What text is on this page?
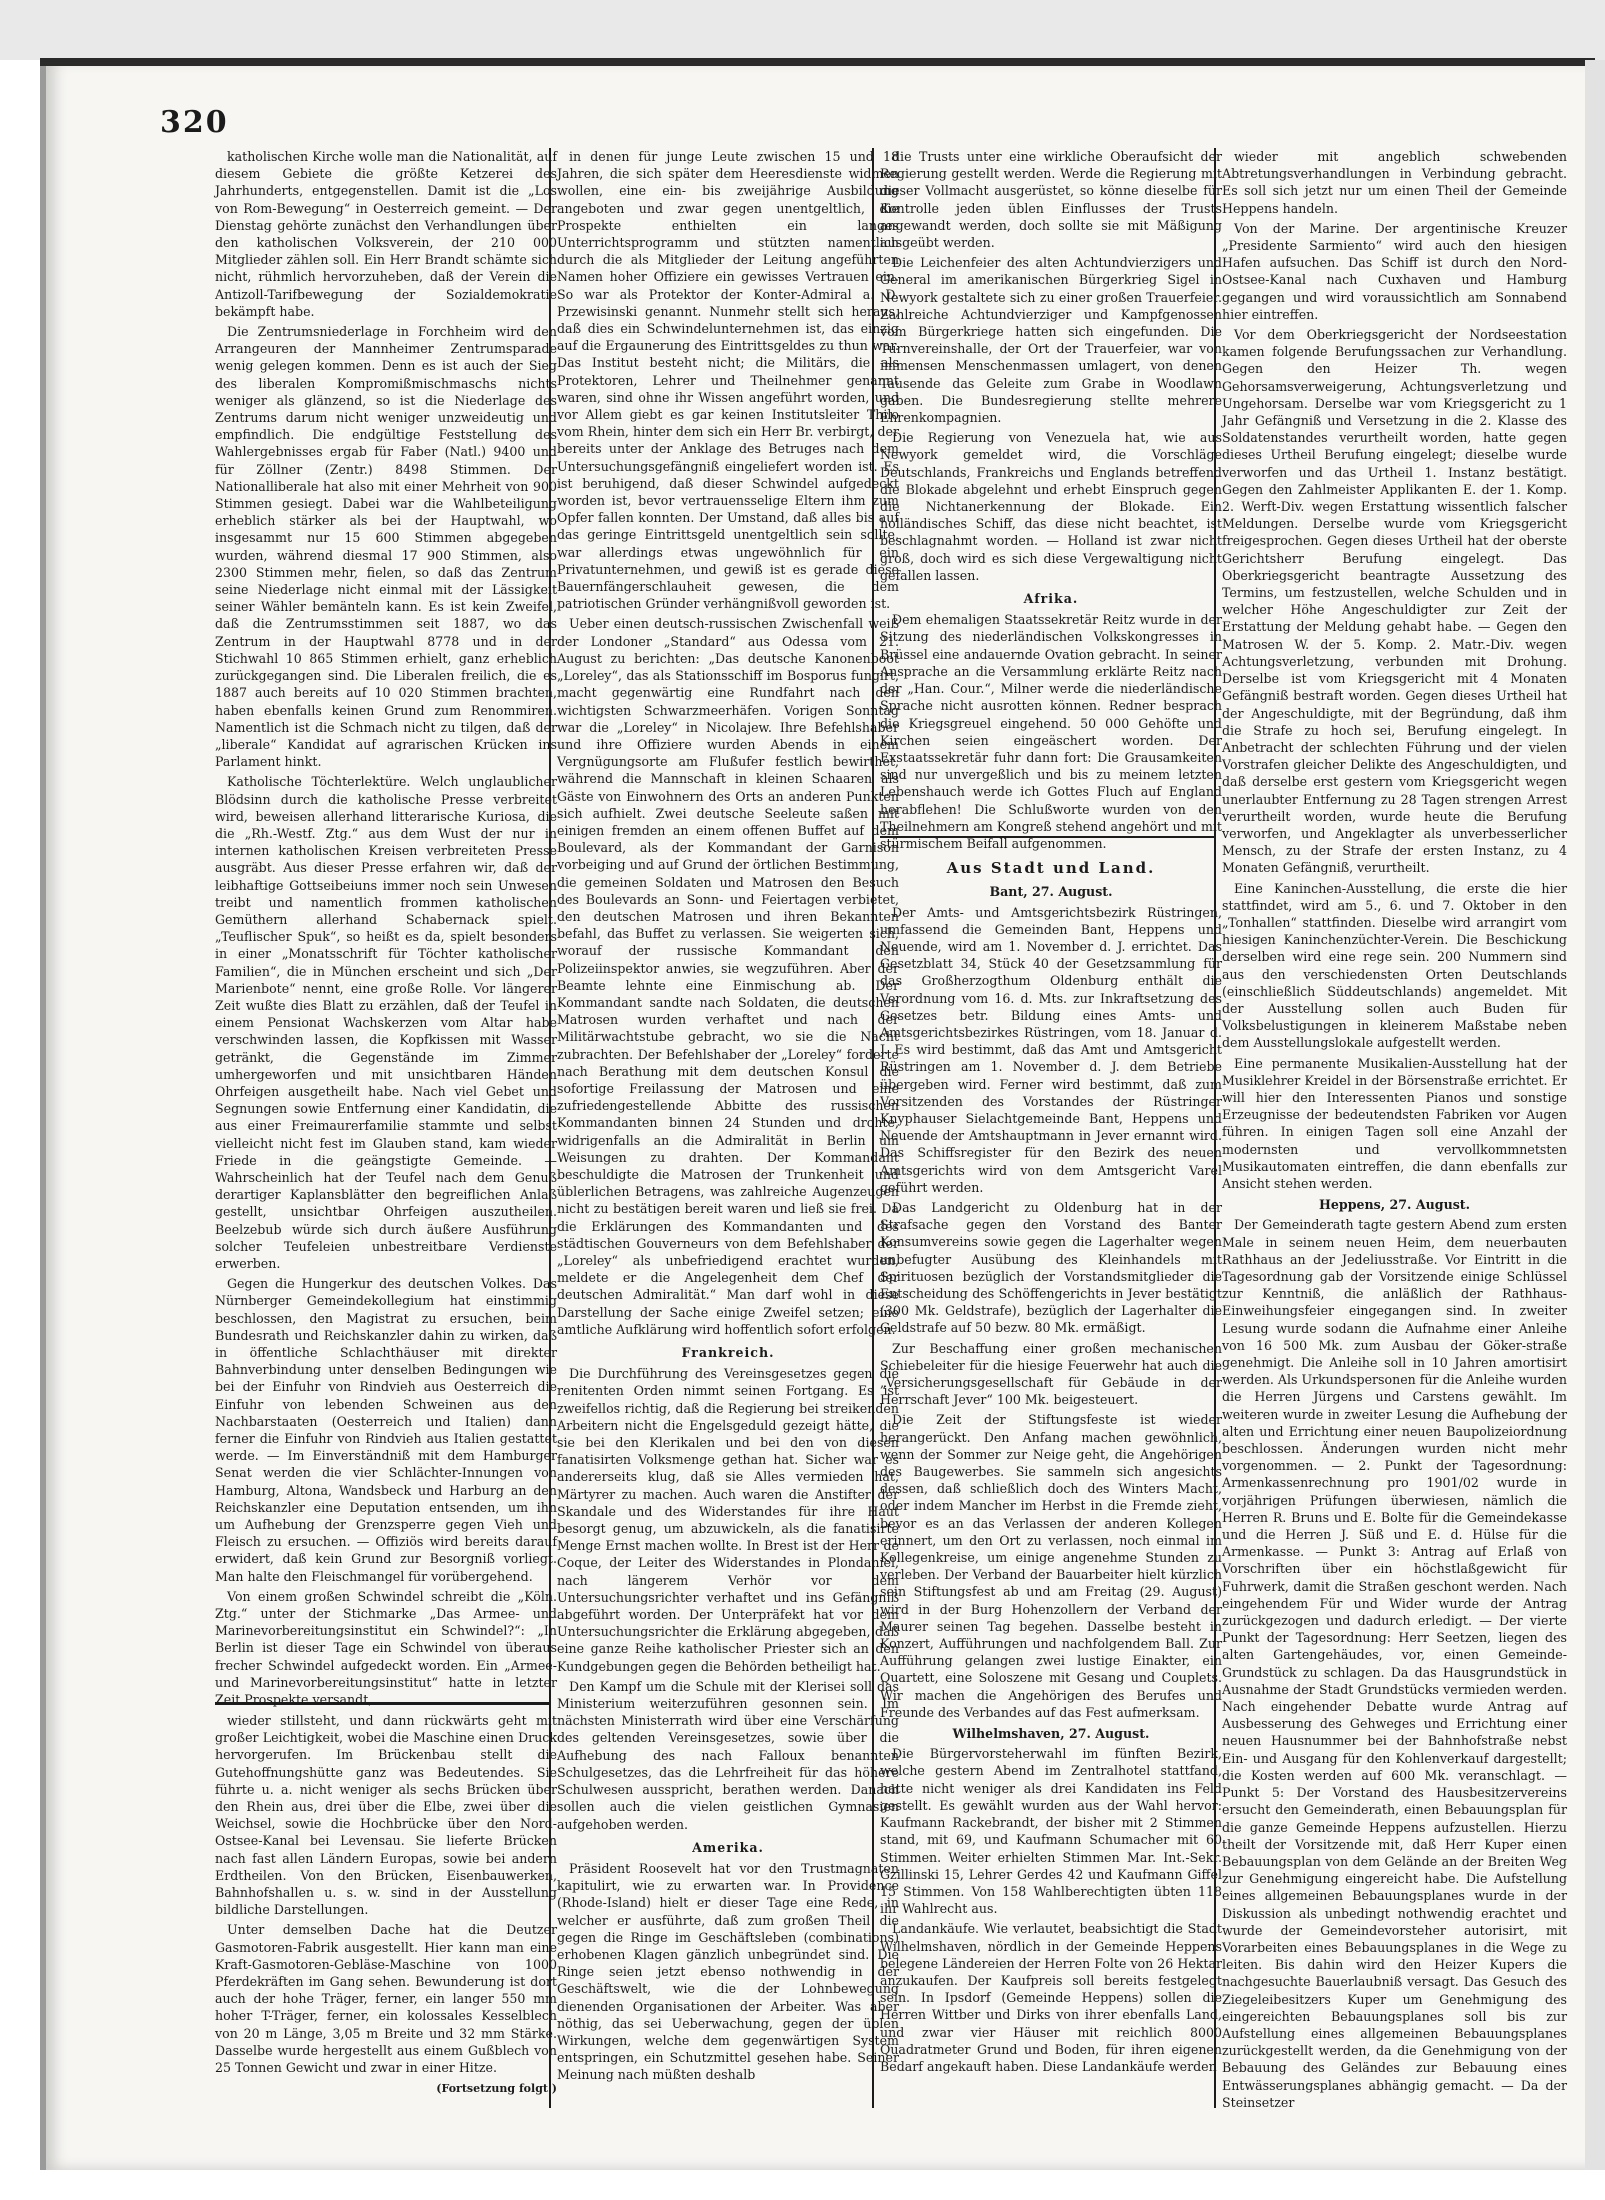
320

katholischen Kirche wolle man die Nationalität, auf diesem Gebiete die größte Ketzerei des Jahrhunderts, entgegenstellen. Damit ist die „Los von Rom-Bewegung“ in Oesterreich gemeint. — Der Dienstag gehörte zunächst den Verhandlungen über den katholischen Volksverein, der 210 000 Mitglieder zählen soll. Ein Herr Brandt schämte sich nicht, rühmlich hervorzuheben, daß der Verein die Antizoll-Tarifbewegung der Sozialdemokratie bekämpft habe.

Die Zentrumsniederlage in Forchheim wird den Arrangeuren der Mannheimer Zentrumsparade wenig gelegen kommen. Denn es ist auch der Sieg des liberalen Kompromißmischmaschs nichts weniger als glänzend, so ist die Niederlage des Zentrums darum nicht weniger unzweideutig und empfindlich. Die endgültige Feststellung des Wahlergebnisses ergab für Faber (Natl.) 9400 und für Zöllner (Zentr.) 8498 Stimmen. Der Nationalliberale hat also mit einer Mehrheit von 900 Stimmen gesiegt. Dabei war die Wahlbeteiligung erheblich stärker als bei der Hauptwahl, wo insgesammt nur 15 600 Stimmen abgegeben wurden, während diesmal 17 900 Stimmen, also 2300 Stimmen mehr, fielen, so daß das Zentrum seine Niederlage nicht einmal mit der Lässigkeit seiner Wähler bemänteln kann. Es ist kein Zweifel, daß die Zentrumsstimmen seit 1887, wo das Zentrum in der Hauptwahl 8778 und in der Stichwahl 10 865 Stimmen erhielt, ganz erheblich zurückgegangen sind. Die Liberalen freilich, die es 1887 auch bereits auf 10 020 Stimmen brachten, haben ebenfalls keinen Grund zum Renommiren. Namentlich ist die Schmach nicht zu tilgen, daß der „liberale“ Kandidat auf agrarischen Krücken ins Parlament hinkt.

Katholische Töchterlektüre. Welch unglaublicher Blödsinn durch die katholische Presse verbreitet wird, beweisen allerhand litterarische Kuriosa, die die „Rh.-Westf. Ztg.“ aus dem Wust der nur in internen katholischen Kreisen verbreiteten Presse ausgräbt. Aus dieser Presse erfahren wir, daß der leibhaftige Gottseibeiuns immer noch sein Unwesen treibt und namentlich frommen katholischen Gemüthern allerhand Schabernack spielt. „Teuflischer Spuk“, so heißt es da, spielt besonders in einer „Monatsschrift für Töchter katholischer Familien“, die in München erscheint und sich „Der Marienbote“ nennt, eine große Rolle. Vor längerer Zeit wußte dies Blatt zu erzählen, daß der Teufel in einem Pensionat Wachskerzen vom Altar habe verschwinden lassen, die Kopfkissen mit Wasser getränkt, die Gegenstände im Zimmer umhergeworfen und mit unsichtbaren Händen Ohrfeigen ausgetheilt habe. Nach viel Gebet und Segnungen sowie Entfernung einer Kandidatin, die aus einer Freimaurerfamilie stammte und selbst vielleicht nicht fest im Glauben stand, kam wieder Friede in die geängstigte Gemeinde. — Wahrscheinlich hat der Teufel nach dem Genuß derartiger Kaplansblätter den begreiflichen Anlaß gestellt, unsichtbar Ohrfeigen auszutheilen. Beelzebub würde sich durch äußere Ausführung solcher Teufeleien unbestreitbare Verdienste erwerben.

Gegen die Hungerkur des deutschen Volkes. Das Nürnberger Gemeindekollegium hat einstimmig beschlossen, den Magistrat zu ersuchen, beim Bundesrath und Reichskanzler dahin zu wirken, daß in öffentliche Schlachthäuser mit direkter Bahnverbindung unter denselben Bedingungen wie bei der Einfuhr von Rindvieh aus Oesterreich die Einfuhr von lebenden Schweinen aus den Nachbarstaaten (Oesterreich und Italien) dann ferner die Einfuhr von Rindvieh aus Italien gestattet werde. — Im Einverständniß mit dem Hamburger Senat werden die vier Schlächter-Innungen von Hamburg, Altona, Wandsbeck und Harburg an den Reichskanzler eine Deputation entsenden, um ihn um Aufhebung der Grenzsperre gegen Vieh und Fleisch zu ersuchen. — Offiziös wird bereits darauf erwidert, daß kein Grund zur Besorgniß vorliegt. Man halte den Fleischmangel für vorübergehend.

Von einem großen Schwindel schreibt die „Köln. Ztg.“ unter der Stichmarke „Das Armee- und Marinevorbereitungsinstitut ein Schwindel?“: „In Berlin ist dieser Tage ein Schwindel von überaus frecher Schwindel aufgedeckt worden. Ein „Armee- und Marinevorbereitungsinstitut“ hatte in letzter Zeit Prospekte versandt,

wieder stillsteht, und dann rückwärts geht mit großer Leichtigkeit, wobei die Maschine einen Druck hervorgerufen. Im Brückenbau stellt die Gutehoffnungshütte ganz was Bedeutendes. Sie führte u. a. nicht weniger als sechs Brücken über den Rhein aus, drei über die Elbe, zwei über die Weichsel, sowie die Hochbrücke über den Nord-Ostsee-Kanal bei Levensau. Sie lieferte Brücken nach fast allen Ländern Europas, sowie bei andern Erdtheilen. Von den Brücken, Eisenbauwerken, Bahnhofshallen u. s. w. sind in der Ausstellung bildliche Darstellungen.

Unter demselben Dache hat die Deutzer Gasmotoren-Fabrik ausgestellt. Hier kann man eine Kraft-Gasmotoren-Gebläse-Maschine von 1000 Pferdekräften im Gang sehen. Bewunderung ist dort auch der hohe Träger, ferner, ein langer 550 mm hoher T-Träger, ferner, ein kolossales Kesselblech von 20 m Länge, 3,05 m Breite und 32 mm Stärke. Dasselbe wurde hergestellt aus einem Gußblech von 25 Tonnen Gewicht und zwar in einer Hitze.

(Fortsetzung folgt.)

in denen für junge Leute zwischen 15 und 18 Jahren, die sich später dem Heeresdienste widmen wollen, eine ein- bis zweijährige Ausbildung angeboten und zwar gegen unentgeltlich, die Prospekte enthielten ein langes Unterrichtsprogramm und stützten namentlich durch die als Mitglieder der Leitung angeführten Namen hoher Offiziere ein gewisses Vertrauen ein. So war als Protektor der Konter-Admiral a. D. Przewisinski genannt. Nunmehr stellt sich heraus, daß dies ein Schwindelunternehmen ist, das einzig auf die Ergaunerung des Eintrittsgeldes zu thun war. Das Institut besteht nicht; die Militärs, die als Protektoren, Lehrer und Theilnehmer genannt waren, sind ohne ihr Wissen angeführt worden, und vor Allem giebt es gar keinen Institutsleiter Thilo vom Rhein, hinter dem sich ein Herr Br. verbirgt, der bereits unter der Anklage des Betruges nach dem Untersuchungsgefängniß eingeliefert worden ist. Es ist beruhigend, daß dieser Schwindel aufgedeckt worden ist, bevor vertrauensselige Eltern ihm zum Opfer fallen konnten. Der Umstand, daß alles bis auf das geringe Eintrittsgeld unentgeltlich sein sollte, war allerdings etwas ungewöhnlich für ein Privatunternehmen, und gewiß ist es gerade diese Bauernfängerschlauheit gewesen, die dem patriotischen Gründer verhängnißvoll geworden ist.

Ueber einen deutsch-russischen Zwischenfall weiß der Londoner „Standard“ aus Odessa vom 21. August zu berichten: „Das deutsche Kanonenboot „Loreley“, das als Stationsschiff im Bosporus fungirt, macht gegenwärtig eine Rundfahrt nach den wichtigsten Schwarzmeerhäfen. Vorigen Sonntag war die „Loreley“ in Nicolajew. Ihre Befehlshaber und ihre Offiziere wurden Abends in einem Vergnügungsorte am Flußufer festlich bewirthet, während die Mannschaft in kleinen Schaaren als Gäste von Einwohnern des Orts an anderen Punkten sich aufhielt. Zwei deutsche Seeleute saßen mit einigen fremden an einem offenen Buffet auf dem Boulevard, als der Kommandant der Garnison vorbeiging und auf Grund der örtlichen Bestimmung, die gemeinen Soldaten und Matrosen den Besuch des Boulevards an Sonn- und Feiertagen verbietet, den deutschen Matrosen und ihren Bekannten befahl, das Buffet zu verlassen. Sie weigerten sich, worauf der russische Kommandant den Polizeiinspektor anwies, sie wegzuführen. Aber der Beamte lehnte eine Einmischung ab. Der Kommandant sandte nach Soldaten, die deutschen Matrosen wurden verhaftet und nach der Militärwachtstube gebracht, wo sie die Nacht zubrachten. Der Befehlshaber der „Loreley“ forderte nach Berathung mit dem deutschen Konsul die sofortige Freilassung der Matrosen und eine zufriedengestellende Abbitte des russischen Kommandanten binnen 24 Stunden und drohte, widrigenfalls an die Admiralität in Berlin um Weisungen zu drahten. Der Kommandant beschuldigte die Matrosen der Trunkenheit und üblerlichen Betragens, was zahlreiche Augenzeugen nicht zu bestätigen bereit waren und ließ sie frei. Da die Erklärungen des Kommandanten und des städtischen Gouverneurs von dem Befehlshaber der „Loreley“ als unbefriedigend erachtet wurden, meldete er die Angelegenheit dem Chef der deutschen Admiralität.“ Man darf wohl in diese Darstellung der Sache einige Zweifel setzen; eine amtliche Aufklärung wird hoffentlich sofort erfolgen.

Frankreich.

Die Durchführung des Vereinsgesetzes gegen die renitenten Orden nimmt seinen Fortgang. Es ist zweifellos richtig, daß die Regierung bei streikenden Arbeitern nicht die Engelsgeduld gezeigt hätte, die sie bei den Klerikalen und bei den von diesen fanatisirten Volksmenge gethan hat. Sicher war es andererseits klug, daß sie Alles vermieden hat, Märtyrer zu machen. Auch waren die Anstifter der Skandale und des Widerstandes für ihre Haut besorgt genug, um abzuwickeln, als die fanatisirte Menge Ernst machen wollte. In Brest ist der Herr de Coque, der Leiter des Widerstandes in Plondaniel, nach längerem Verhör vor dem Untersuchungsrichter verhaftet und ins Gefängniß abgeführt worden. Der Unterpräfekt hat vor dem Untersuchungsrichter die Erklärung abgegeben, daß eine ganze Reihe katholischer Priester sich an den Kundgebungen gegen die Behörden betheiligt hat.

Den Kampf um die Schule mit der Klerisei soll das Ministerium weiterzuführen gesonnen sein. Im nächsten Ministerrath wird über eine Verschärfung des geltenden Vereinsgesetzes, sowie über die Aufhebung des nach Falloux benannten Schulgesetzes, das die Lehrfreiheit für das höhere Schulwesen ausspricht, berathen werden. Danach sollen auch die vielen geistlichen Gymnasien aufgehoben werden.

Amerika.

Präsident Roosevelt hat vor den Trustmagnaten kapitulirt, wie zu erwarten war. In Providence (Rhode-Island) hielt er dieser Tage eine Rede, in welcher er ausführte, daß zum großen Theil die gegen die Ringe im Geschäftsleben (combinations) erhobenen Klagen gänzlich unbegründet sind. Die Ringe seien jetzt ebenso nothwendig in der Geschäftswelt, wie die der Lohnbewegung dienenden Organisationen der Arbeiter. Was aber nöthig, das sei Ueberwachung, gegen der üblen Wirkungen, welche dem gegenwärtigen System entspringen, ein Schutzmittel gesehen habe. Seiner Meinung nach müßten deshalb

die Trusts unter eine wirkliche Oberaufsicht der Regierung gestellt werden. Werde die Regierung mit dieser Vollmacht ausgerüstet, so könne dieselbe für Kontrolle jeden üblen Einflusses der Trusts angewandt werden, doch sollte sie mit Mäßigung ausgeübt werden.

Die Leichenfeier des alten Achtundvierzigers und General im amerikanischen Bürgerkrieg Sigel in Newyork gestaltete sich zu einer großen Trauerfeier. Zahlreiche Achtundvierziger und Kampfgenossen vom Bürgerkriege hatten sich eingefunden. Die Turnvereinshalle, der Ort der Trauerfeier, war von immensen Menschenmassen umlagert, von denen Tausende das Geleite zum Grabe in Woodlawn gaben. Die Bundesregierung stellte mehrere Ehrenkompagnien.

Die Regierung von Venezuela hat, wie aus Newyork gemeldet wird, die Vorschläge Deutschlands, Frankreichs und Englands betreffend die Blokade abgelehnt und erhebt Einspruch gegen die Nichtanerkennung der Blokade. Ein holländisches Schiff, das diese nicht beachtet, ist beschlagnahmt worden. — Holland ist zwar nicht groß, doch wird es sich diese Vergewaltigung nicht gefallen lassen.

Afrika.

Dem ehemaligen Staatssekretär Reitz wurde in der Sitzung des niederländischen Volkskongresses in Brüssel eine andauernde Ovation gebracht. In seiner Ansprache an die Versammlung erklärte Reitz nach der „Han. Cour.“, Milner werde die niederländische Sprache nicht ausrotten können. Redner besprach die Kriegsgreuel eingehend. 50 000 Gehöfte und Kirchen seien eingeäschert worden. Der Exstaatssekretär fuhr dann fort: Die Grausamkeiten sind nur unvergeßlich und bis zu meinem letzten Lebenshauch werde ich Gottes Fluch auf England herabflehen! Die Schlußworte wurden von den Theilnehmern am Kongreß stehend angehört und mit stürmischem Beifall aufgenommen.

Aus Stadt und Land.

Bant, 27. August.

Der Amts- und Amtsgerichtsbezirk Rüstringen, umfassend die Gemeinden Bant, Heppens und Neuende, wird am 1. November d. J. errichtet. Das Gesetzblatt 34, Stück 40 der Gesetzsammlung für das Großherzogthum Oldenburg enthält die Verordnung vom 16. d. Mts. zur Inkraftsetzung des Gesetzes betr. Bildung eines Amts- und Amtsgerichtsbezirkes Rüstringen, vom 18. Januar d. J. Es wird bestimmt, daß das Amt und Amtsgericht Rüstringen am 1. November d. J. dem Betriebe übergeben wird. Ferner wird bestimmt, daß zum Vorsitzenden des Vorstandes der Rüstringer Knyphauser Sielachtgemeinde Bant, Heppens und Neuende der Amtshauptmann in Jever ernannt wird. Das Schiffsregister für den Bezirk des neuen Amtsgerichts wird von dem Amtsgericht Varel geführt werden.

Das Landgericht zu Oldenburg hat in der Strafsache gegen den Vorstand des Banter Konsumvereins sowie gegen die Lagerhalter wegen unbefugter Ausübung des Kleinhandels mit Spirituosen bezüglich der Vorstandsmitglieder die Entscheidung des Schöffengerichts in Jever bestätigt (300 Mk. Geldstrafe), bezüglich der Lagerhalter die Geldstrafe auf 50 bezw. 80 Mk. ermäßigt.

Zur Beschaffung einer großen mechanischen Schiebeleiter für die hiesige Feuerwehr hat auch die „Versicherungsgesellschaft für Gebäude in der Herrschaft Jever“ 100 Mk. beigesteuert.

Die Zeit der Stiftungsfeste ist wieder herangerückt. Den Anfang machen gewöhnlich, wenn der Sommer zur Neige geht, die Angehörigen des Baugewerbes. Sie sammeln sich angesichts dessen, daß schließlich doch des Winters Macht, oder indem Mancher im Herbst in die Fremde zieht, bevor es an das Verlassen der anderen Kollegen erinnert, um den Ort zu verlassen, noch einmal im Kollegenkreise, um einige angenehme Stunden zu verleben. Der Verband der Bauarbeiter hielt kürzlich sein Stiftungsfest ab und am Freitag (29. August) wird in der Burg Hohenzollern der Verband der Maurer seinen Tag begehen. Dasselbe besteht in Konzert, Aufführungen und nachfolgendem Ball. Zur Aufführung gelangen zwei lustige Einakter, ein Quartett, eine Soloszene mit Gesang und Couplets. Wir machen die Angehörigen des Berufes und Freunde des Verbandes auf das Fest aufmerksam.

Wilhelmshaven, 27. August.

Die Bürgervorsteherwahl im fünften Bezirk, welche gestern Abend im Zentralhotel stattfand, hatte nicht weniger als drei Kandidaten ins Feld gestellt. Es gewählt wurden aus der Wahl hervor: Kaufmann Rackebrandt, der bisher mit 2 Stimmen stand, mit 69, und Kaufmann Schumacher mit 60 Stimmen. Weiter erhielten Stimmen Mar. Int.-Sekr. Gzillinski 15, Lehrer Gerdes 42 und Kaufmann Giffel 15 Stimmen. Von 158 Wahlberechtigten übten 118 ihr Wahlrecht aus.

Landankäufe. Wie verlautet, beabsichtigt die Stadt Wilhelmshaven, nördlich in der Gemeinde Heppens belegene Ländereien der Herren Folte von 26 Hektar anzukaufen. Der Kaufpreis soll bereits festgelegt sein. In Ipsdorf (Gemeinde Heppens) sollen die Herren Wittber und Dirks von ihrer ebenfalls Land, und zwar vier Häuser mit reichlich 8000 Quadratmeter Grund und Boden, für ihren eigenen Bedarf angekauft haben. Diese Landankäufe werden

wieder mit angeblich schwebenden Abtretungsverhandlungen in Verbindung gebracht. Es soll sich jetzt nur um einen Theil der Gemeinde Heppens handeln.

Von der Marine. Der argentinische Kreuzer „Presidente Sarmiento“ wird auch den hiesigen Hafen aufsuchen. Das Schiff ist durch den Nord-Ostsee-Kanal nach Cuxhaven und Hamburg gegangen und wird voraussichtlich am Sonnabend hier eintreffen.

Vor dem Oberkriegsgericht der Nordseestation kamen folgende Berufungssachen zur Verhandlung. Gegen den Heizer Th. wegen Gehorsamsverweigerung, Achtungsverletzung und Ungehorsam. Derselbe war vom Kriegsgericht zu 1 Jahr Gefängniß und Versetzung in die 2. Klasse des Soldatenstandes verurtheilt worden, hatte gegen dieses Urtheil Berufung eingelegt; dieselbe wurde verworfen und das Urtheil 1. Instanz bestätigt. Gegen den Zahlmeister Applikanten E. der 1. Komp. 2. Werft-Div. wegen Erstattung wissentlich falscher Meldungen. Derselbe wurde vom Kriegsgericht freigesprochen. Gegen dieses Urtheil hat der oberste Gerichtsherr Berufung eingelegt. Das Oberkriegsgericht beantragte Aussetzung des Termins, um festzustellen, welche Schulden und in welcher Höhe Angeschuldigter zur Zeit der Erstattung der Meldung gehabt habe. — Gegen den Matrosen W. der 5. Komp. 2. Matr.-Div. wegen Achtungsverletzung, verbunden mit Drohung. Derselbe ist vom Kriegsgericht mit 4 Monaten Gefängniß bestraft worden. Gegen dieses Urtheil hat der Angeschuldigte, mit der Begründung, daß ihm die Strafe zu hoch sei, Berufung eingelegt. In Anbetracht der schlechten Führung und der vielen Vorstrafen gleicher Delikte des Angeschuldigten, und daß derselbe erst gestern vom Kriegsgericht wegen unerlaubter Entfernung zu 28 Tagen strengen Arrest verurtheilt worden, wurde heute die Berufung verworfen, und Angeklagter als unverbesserlicher Mensch, zu der Strafe der ersten Instanz, zu 4 Monaten Gefängniß, verurtheilt.

Eine Kaninchen-Ausstellung, die erste die hier stattfindet, wird am 5., 6. und 7. Oktober in den „Tonhallen“ stattfinden. Dieselbe wird arrangirt vom hiesigen Kaninchenzüchter-Verein. Die Beschickung derselben wird eine rege sein. 200 Nummern sind aus den verschiedensten Orten Deutschlands (einschließlich Süddeutschlands) angemeldet. Mit der Ausstellung sollen auch Buden für Volksbelustigungen in kleinerem Maßstabe neben dem Ausstellungslokale aufgestellt werden.

Eine permanente Musikalien-Ausstellung hat der Musiklehrer Kreidel in der Börsenstraße errichtet. Er will hier den Interessenten Pianos und sonstige Erzeugnisse der bedeutendsten Fabriken vor Augen führen. In einigen Tagen soll eine Anzahl der modernsten und vervollkommnetsten Musikautomaten eintreffen, die dann ebenfalls zur Ansicht stehen werden.

Heppens, 27. August.

Der Gemeinderath tagte gestern Abend zum ersten Male in seinem neuen Heim, dem neuerbauten Rathhaus an der Jedeliusstraße. Vor Eintritt in die Tagesordnung gab der Vorsitzende einige Schlüssel zur Kenntniß, die anläßlich der Rathhaus-Einweihungsfeier eingegangen sind. In zweiter Lesung wurde sodann die Aufnahme einer Anleihe von 16 500 Mk. zum Ausbau der Göker-straße genehmigt. Die Anleihe soll in 10 Jahren amortisirt werden. Als Urkundspersonen für die Anleihe wurden die Herren Jürgens und Carstens gewählt. Im weiteren wurde in zweiter Lesung die Aufhebung der alten und Errichtung einer neuen Baupolizeiordnung beschlossen. Änderungen wurden nicht mehr vorgenommen. — 2. Punkt der Tagesordnung: Armenkassenrechnung pro 1901/02 wurde in vorjährigen Prüfungen überwiesen, nämlich die Herren R. Bruns und E. Bolte für die Gemeindekasse und die Herren J. Süß und E. d. Hülse für die Armenkasse. — Punkt 3: Antrag auf Erlaß von Vorschriften über ein höchstlaßgewicht für Fuhrwerk, damit die Straßen geschont werden. Nach eingehendem Für und Wider wurde der Antrag zurückgezogen und dadurch erledigt. — Der vierte Punkt der Tagesordnung: Herr Seetzen, liegen des alten Gartengehäudes, vor, einen Gemeinde-Grundstück zu schlagen. Da das Hausgrundstück in Ausnahme der Stadt Grundstücks vermieden werden. Nach eingehender Debatte wurde Antrag auf Ausbesserung des Gehweges und Errichtung einer neuen Hausnummer bei der Bahnhofstraße nebst Ein- und Ausgang für den Kohlenverkauf dargestellt; die Kosten werden auf 600 Mk. veranschlagt. — Punkt 5: Der Vorstand des Hausbesitzervereins ersucht den Gemeinderath, einen Bebauungsplan für die ganze Gemeinde Heppens aufzustellen. Hierzu theilt der Vorsitzende mit, daß Herr Kuper einen Bebauungsplan von dem Gelände an der Breiten Weg zur Genehmigung eingereicht habe. Die Aufstellung eines allgemeinen Bebauungsplanes wurde in der Diskussion als unbedingt nothwendig erachtet und wurde der Gemeindevorsteher autorisirt, mit Vorarbeiten eines Bebauungsplanes in die Wege zu leiten. Bis dahin wird den Heizer Kupers die nachgesuchte Bauerlaubniß versagt. Das Gesuch des Ziegeleibesitzers Kuper um Genehmigung des eingereichten Bebauungsplanes soll bis zur Aufstellung eines allgemeinen Bebauungsplanes zurückgestellt werden, da die Genehmigung von der Bebauung des Geländes zur Bebauung eines Entwässerungsplanes abhängig gemacht. — Da der Steinsetzer
